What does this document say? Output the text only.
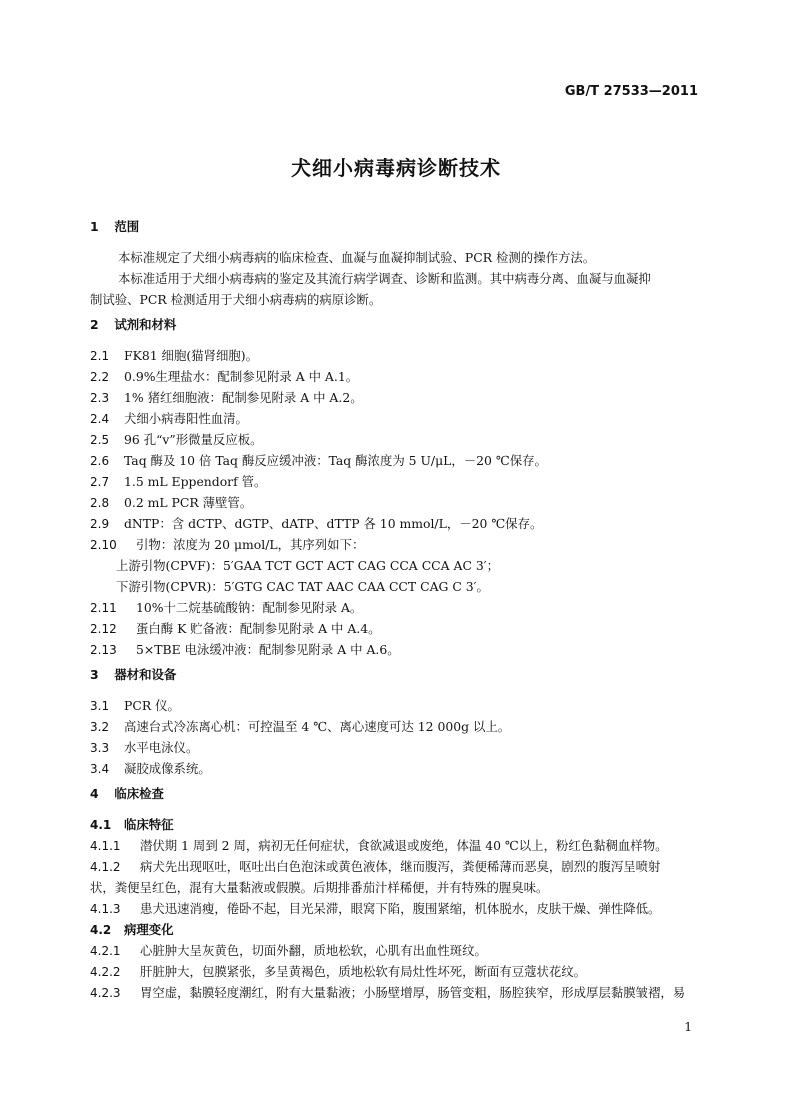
GB/T 27533—2011
犬细小病毒病诊断技术
1 范围
本标准规定了犬细小病毒病的临床检查、血凝与血凝抑制试验、PCR 检测的操作方法。
本标准适用于犬细小病毒病的鉴定及其流行病学调查、诊断和监测。其中病毒分离、血凝与血凝抑
制试验、PCR 检测适用于犬细小病毒病的病原诊断。
2 试剂和材料
2.1 FK81 细胞(猫肾细胞)。
2.2 0.9%生理盐水：配制参见附录 A 中 A.1。
2.3 1% 猪红细胞液：配制参见附录 A 中 A.2。
2.4 犬细小病毒阳性血清。
2.5 96 孔“v”形微量反应板。
2.6 Taq 酶及 10 倍 Taq 酶反应缓冲液：Taq 酶浓度为 5 U/μL，－20 ℃保存。
2.7 1.5 mL Eppendorf 管。
2.8 0.2 mL PCR 薄壁管。
2.9 dNTP：含 dCTP、dGTP、dATP、dTTP 各 10 mmol/L，－20 ℃保存。
2.10 引物：浓度为 20 μmol/L，其序列如下：
上游引物(CPVF)：5′GAA TCT GCT ACT CAG CCA CCA AC 3′；
下游引物(CPVR)：5′GTG CAC TAT AAC CAA CCT CAG C 3′。
2.11 10%十二烷基硫酸钠：配制参见附录 A。
2.12 蛋白酶 K 贮备液：配制参见附录 A 中 A.4。
2.13 5×TBE 电泳缓冲液：配制参见附录 A 中 A.6。
3 器材和设备
3.1 PCR 仪。
3.2 高速台式冷冻离心机：可控温至 4 ℃、离心速度可达 12 000g 以上。
3.3 水平电泳仪。
3.4 凝胶成像系统。
4 临床检查
4.1 临床特征
4.1.1 潜伏期 1 周到 2 周，病初无任何症状，食欲减退或废绝，体温 40 ℃以上，粉红色黏稠血样物。
4.1.2 病犬先出现呕吐，呕吐出白色泡沫或黄色液体，继而腹泻，粪便稀薄而恶臭，剧烈的腹泻呈喷射
状，粪便呈红色，混有大量黏液或假膜。后期排番茄汁样稀便，并有特殊的腥臭味。
4.1.3 患犬迅速消瘦，倦卧不起，目光呆滞，眼窝下陷，腹围紧缩，机体脱水，皮肤干燥、弹性降低。
4.2 病理变化
4.2.1 心脏肿大呈灰黄色，切面外翻，质地松软，心肌有出血性斑纹。
4.2.2 肝脏肿大，包膜紧张，多呈黄褐色，质地松软有局灶性坏死，断面有豆蔻状花纹。
4.2.3 胃空虚，黏膜轻度潮红，附有大量黏液；小肠壁增厚，肠管变粗，肠腔狭窄，形成厚层黏膜皱褶，易
1
